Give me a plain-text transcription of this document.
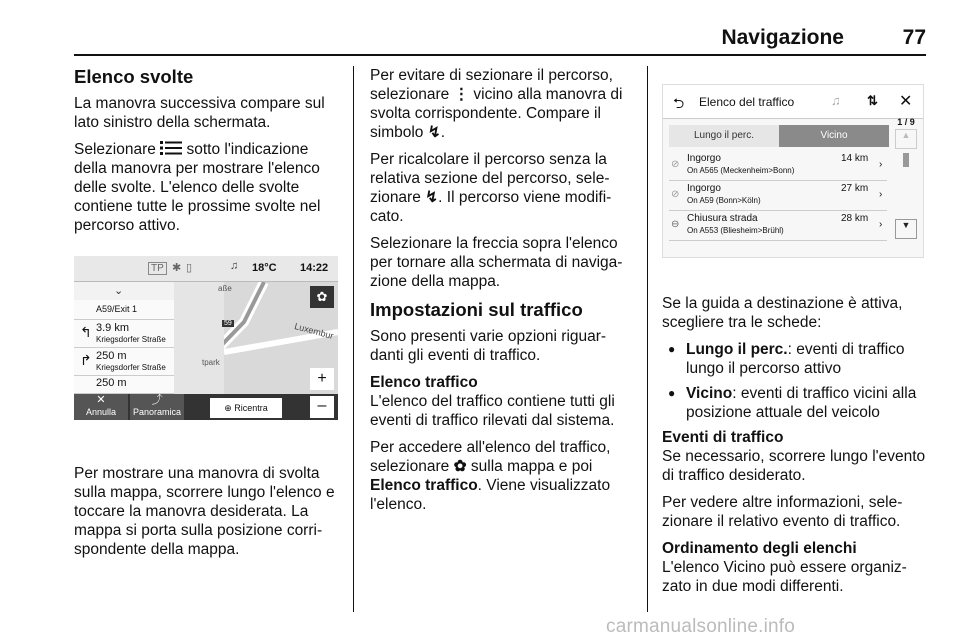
Navigazione	77
Elenco svolte

La manovra successiva compare sul lato sinistro della schermata.

Selezionare  sotto l'indicazione della manovra per mostrare l'elenco delle svolte. L'elenco delle svolte contiene tutte le prossime svolte nel percorso attivo.

TP ✱ ▯	♫ 18°C 14:22
⌄
A59/Exit 1
↰ 3.9 km
Kriegsdorfer Straße
↱ 250 m
Kriegsdorfer Straße
250 m
Luxembur
tpark
aße
59
✿
+
✕
Annulla
⤴
Panoramica	⊕ Ricentra	–

Per mostrare una manovra di svolta sulla mappa, scorrere lungo l'elenco e toccare la manovra desiderata. La mappa si porta sulla posizione corri-spondente della mappa.

Per evitare di sezionare il percorso, selezionare ⋮ vicino alla manovra di svolta corrispondente. Compare il simbolo ↯.

Per ricalcolare il percorso senza la relativa sezione del percorso, sele-zionare ↯. Il percorso viene modifi-cato.

Selezionare la freccia sopra l'elenco per tornare alla schermata di naviga-zione della mappa.

Impostazioni sul traffico

Sono presenti varie opzioni riguar-danti gli eventi di traffico.

Elenco traffico

L'elenco del traffico contiene tutti gli eventi di traffico rilevati dal sistema.

Per accedere all'elenco del traffico, selezionare ✿ sulla mappa e poi Elenco traffico. Viene visualizzato l'elenco.

⮌ Elenco del traffico	♫ ⇅ ✕
Lungo il perc.	Vicino
⊘
Ingorgo
On A565 (Meckenheim>Bonn)
14 km
›
⊘
Ingorgo
On A59 (Bonn>Köln)
27 km
›
⊖
Chiusura strada
On A553 (Bliesheim>Brühl)
28 km
›
1 / 9
▲
▼

Se la guida a destinazione è attiva, scegliere tra le schede:

● Lungo il perc.: eventi di traffico lungo il percorso attivo
● Vicino: eventi di traffico vicini alla posizione attuale del veicolo
Eventi di traffico

Se necessario, scorrere lungo l'evento di traffico desiderato.

Per vedere altre informazioni, sele-zionare il relativo evento di traffico.

Ordinamento degli elenchi

L'elenco Vicino può essere organiz-zato in due modi differenti.

carmanualsonline.info
